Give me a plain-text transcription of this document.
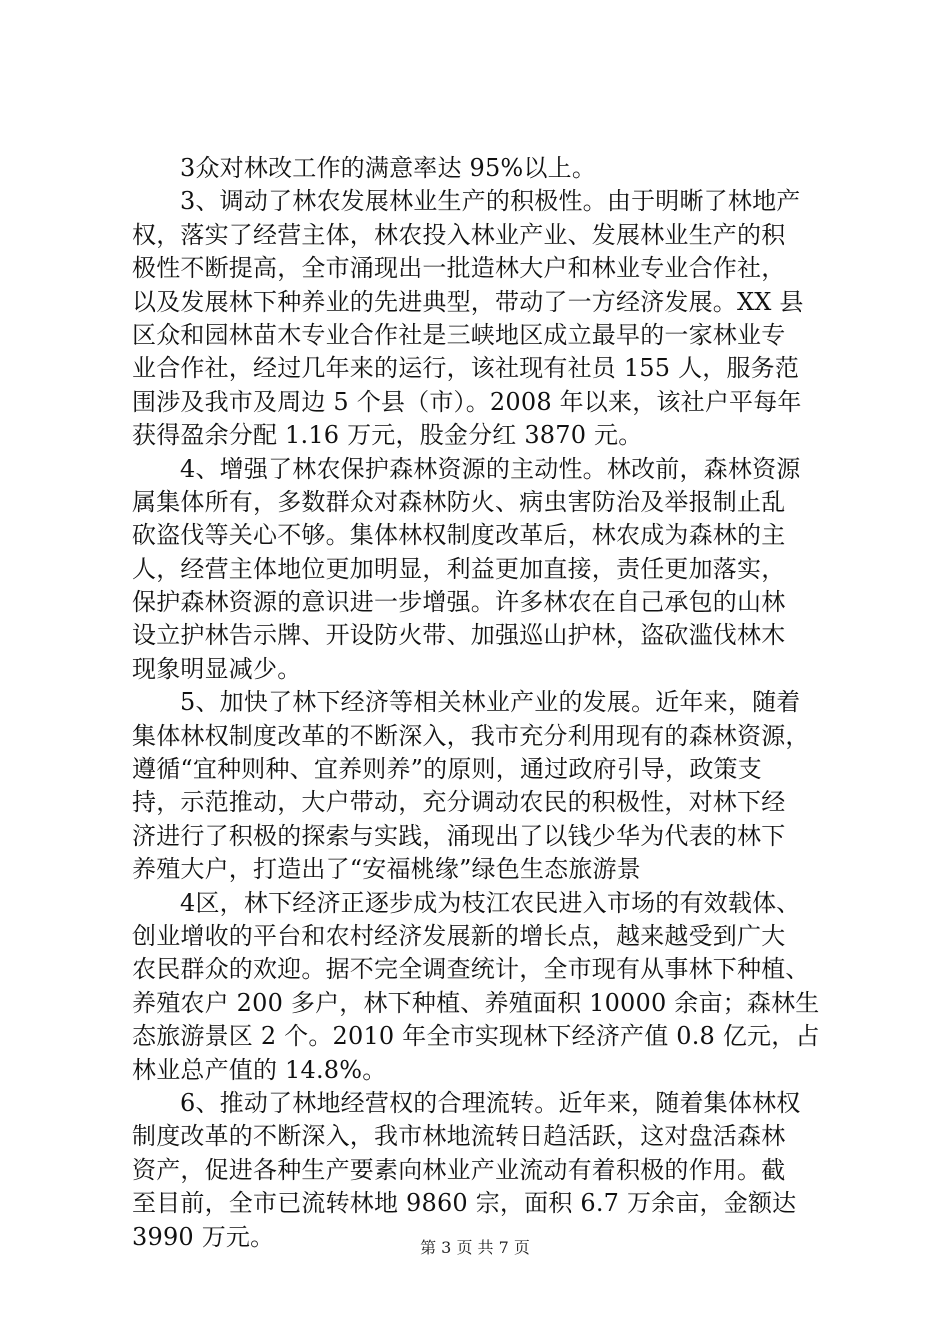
3众对林改工作的满意率达 95%以上。
3、调动了林农发展林业生产的积极性。由于明晰了林地产
权，落实了经营主体，林农投入林业产业、发展林业生产的积
极性不断提高，全市涌现出一批造林大户和林业专业合作社，
以及发展林下种养业的先进典型，带动了一方经济发展。XX 县
区众和园林苗木专业合作社是三峡地区成立最早的一家林业专
业合作社，经过几年来的运行，该社现有社员 155 人，服务范
围涉及我市及周边 5 个县（市）。2008 年以来，该社户平每年
获得盈余分配 1.16 万元，股金分红 3870 元。
4、增强了林农保护森林资源的主动性。林改前，森林资源
属集体所有，多数群众对森林防火、病虫害防治及举报制止乱
砍盗伐等关心不够。集体林权制度改革后，林农成为森林的主
人，经营主体地位更加明显，利益更加直接，责任更加落实，
保护森林资源的意识进一步增强。许多林农在自己承包的山林
设立护林告示牌、开设防火带、加强巡山护林，盗砍滥伐林木
现象明显减少。
5、加快了林下经济等相关林业产业的发展。近年来，随着
集体林权制度改革的不断深入，我市充分利用现有的森林资源，
遵循“宜种则种、宜养则养”的原则，通过政府引导，政策支
持，示范推动，大户带动，充分调动农民的积极性，对林下经
济进行了积极的探索与实践，涌现出了以钱少华为代表的林下
养殖大户，打造出了“安福桃缘”绿色生态旅游景
4区，林下经济正逐步成为枝江农民进入市场的有效载体、
创业增收的平台和农村经济发展新的增长点，越来越受到广大
农民群众的欢迎。据不完全调查统计，全市现有从事林下种植、
养殖农户 200 多户，林下种植、养殖面积 10000 余亩；森林生
态旅游景区 2 个。2010 年全市实现林下经济产值 0.8 亿元，占
林业总产值的 14.8%。
6、推动了林地经营权的合理流转。近年来，随着集体林权
制度改革的不断深入，我市林地流转日趋活跃，这对盘活森林
资产，促进各种生产要素向林业产业流动有着积极的作用。截
至目前，全市已流转林地 9860 宗，面积 6.7 万余亩，金额达
3990 万元。	第 3 页 共 7 页
